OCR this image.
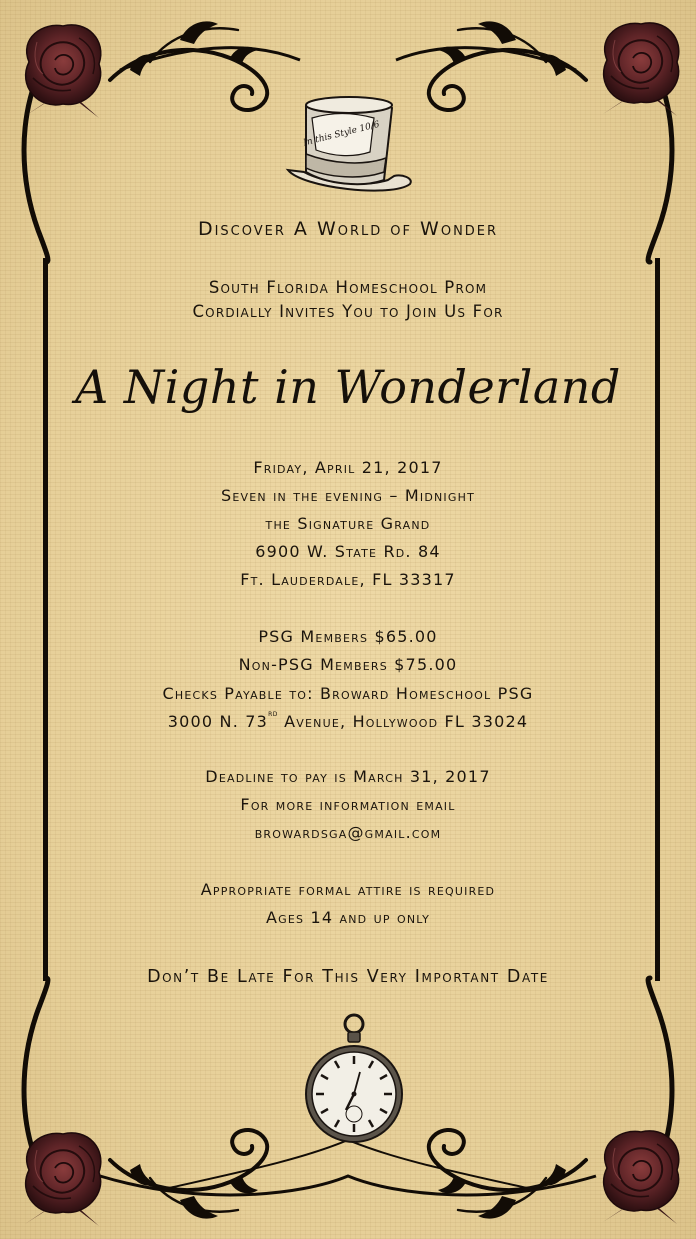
In this Style 10/6
Discover A World of Wonder
South Florida Homeschool Prom
Cordially Invites You to Join Us For
A Night in Wonderland
Friday, April 21, 2017
Seven in the evening – Midnight
the Signature Grand
6900 W. State Rd. 84
Ft. Lauderdale, FL 33317
PSG Members $65.00
Non-PSG Members $75.00
Checks Payable to: Broward Homeschool PSG
3000 N. 73rd Avenue, Hollywood FL 33024
Deadline to pay is March 31, 2017
For more information email
browardsga@gmail.com
Appropriate formal attire is required
Ages 14 and up only
Don’t Be Late For This Very Important Date
